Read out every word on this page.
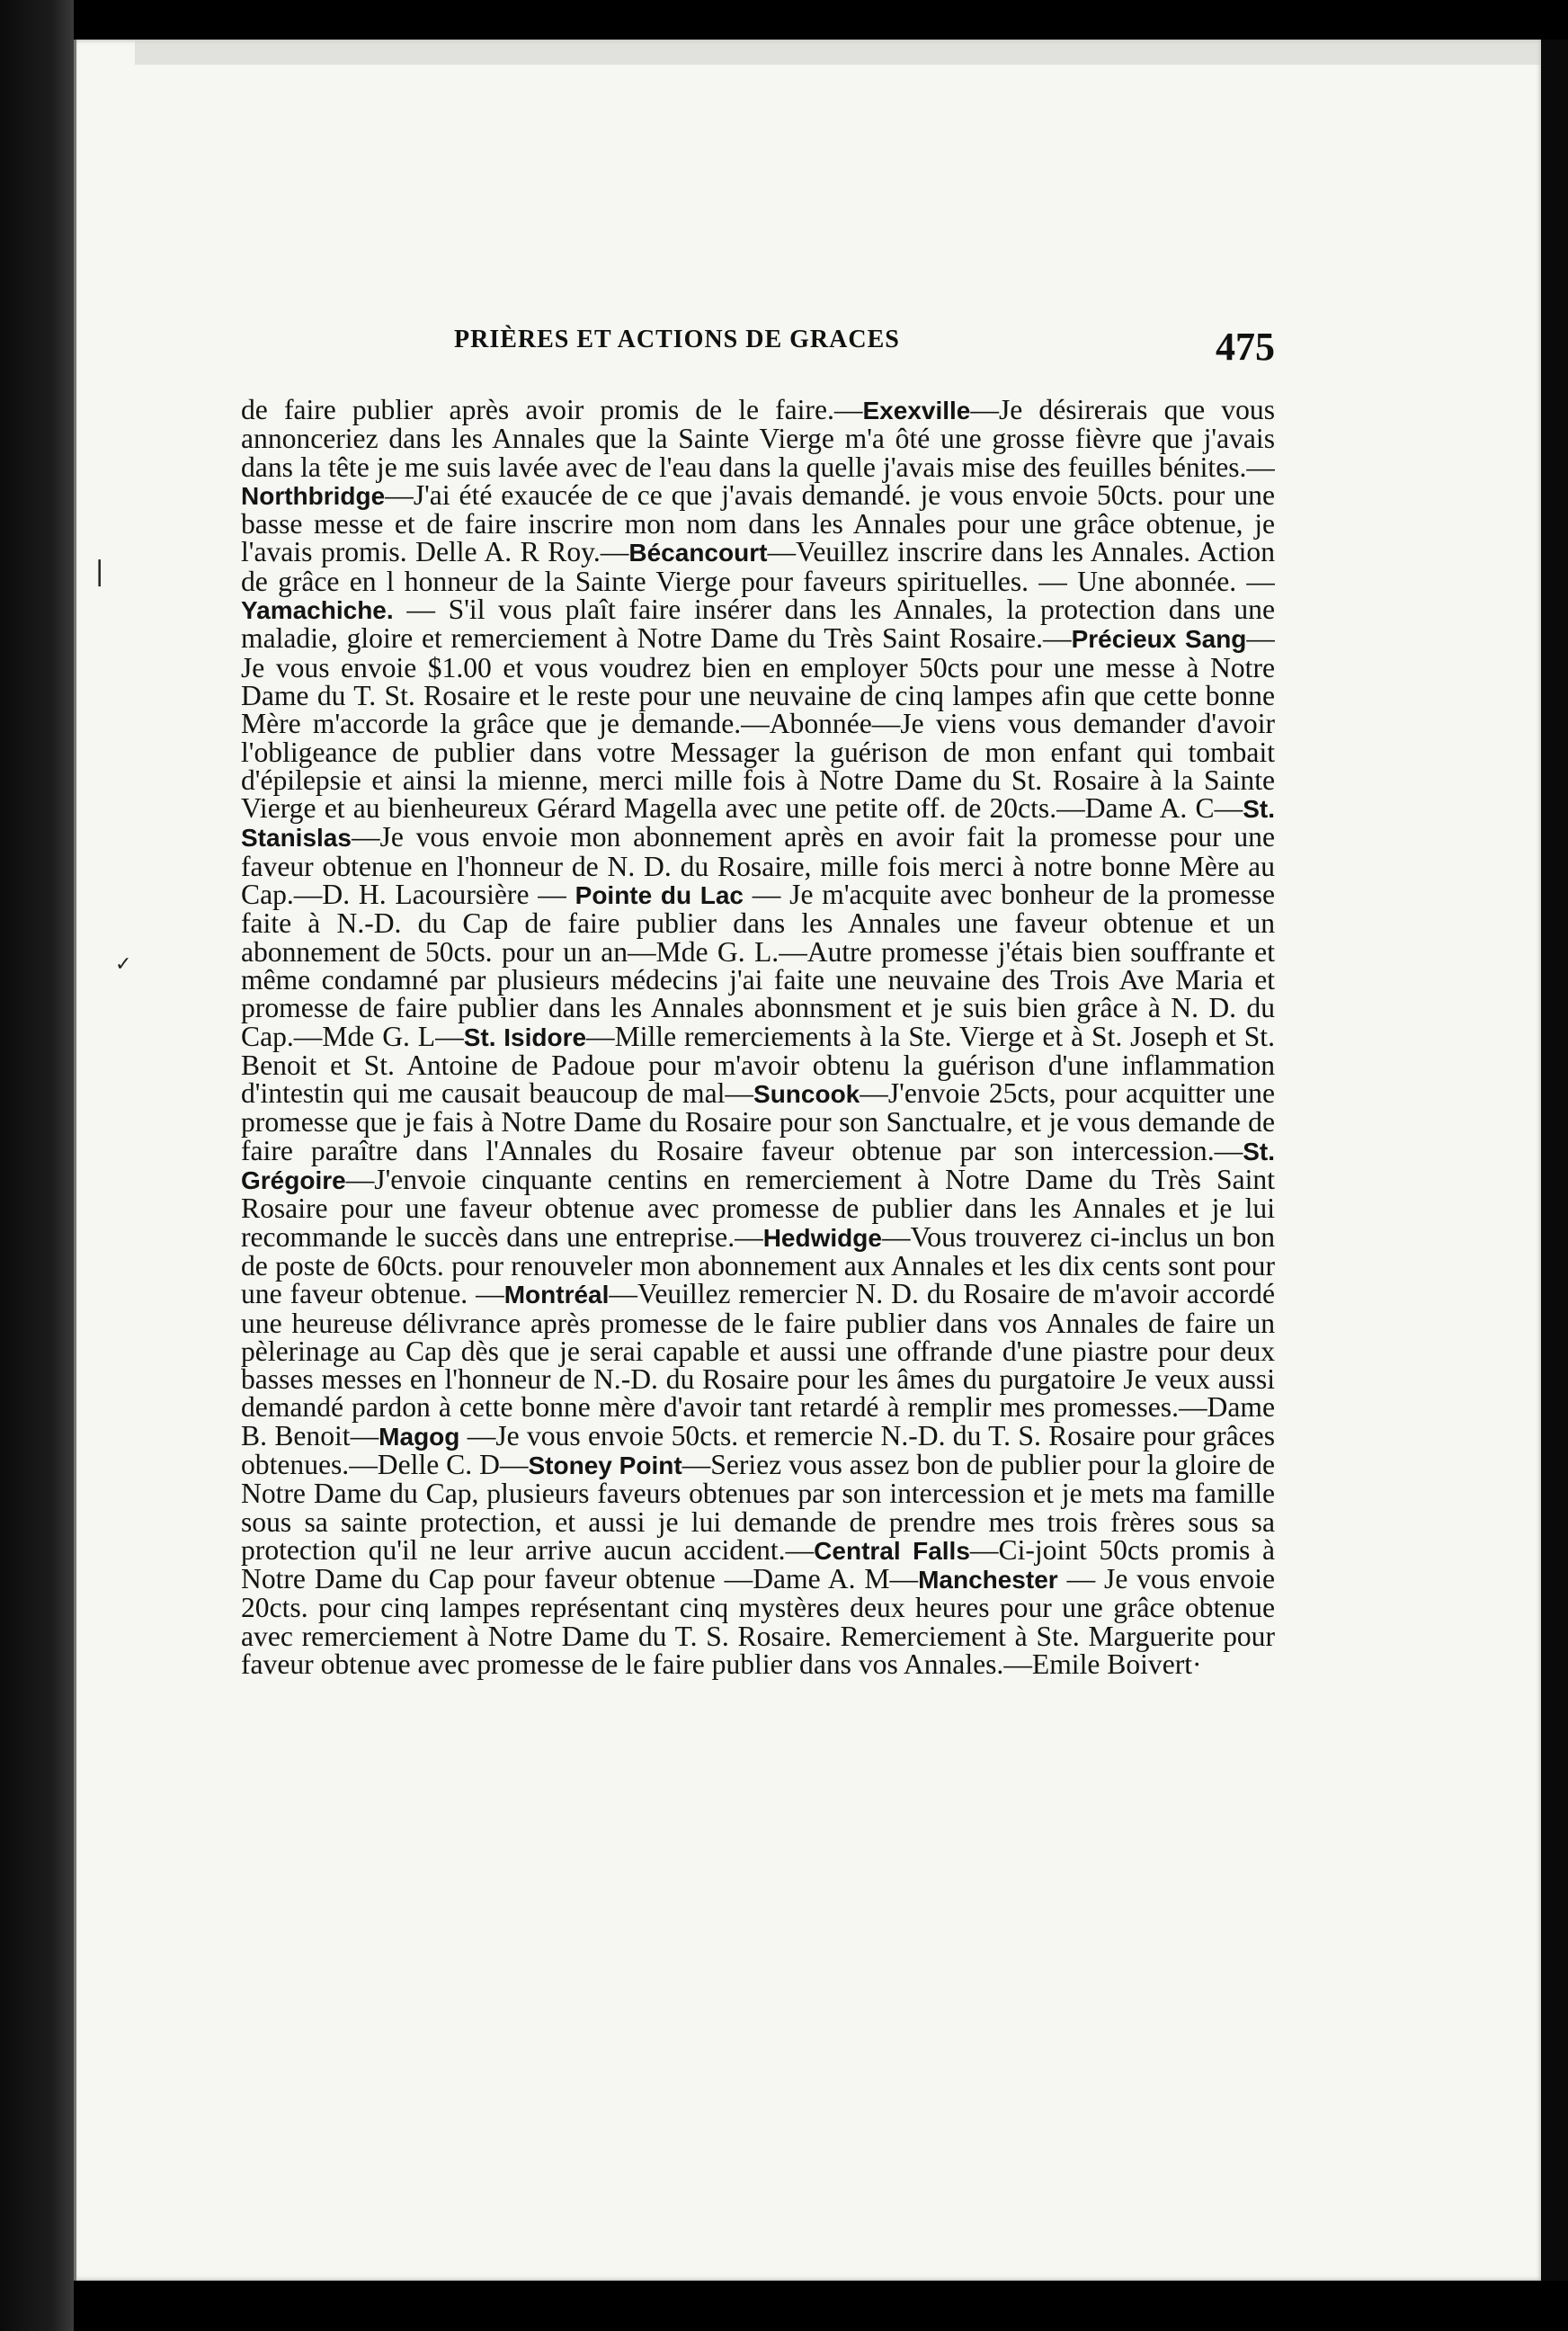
❘
✓
PRIÈRES ET ACTIONS DE GRACES	475

de faire publier après avoir promis de le faire.—Exexville—Je désirerais que vous annonceriez dans les Annales que la Sainte Vierge m'a ôté une grosse fièvre que j'avais dans la tête je me suis lavée avec de l'eau dans la quelle j'avais mise des feuilles bénites.—Northbridge—J'ai été exaucée de ce que j'avais demandé. je vous envoie 50cts. pour une basse messe et de faire inscrire mon nom dans les Annales pour une grâce obtenue, je l'avais promis. Delle A. R Roy.—Bécancourt—Veuillez inscrire dans les Annales. Action de grâce en l honneur de la Sainte Vierge pour faveurs spirituelles. — Une abonnée. — Yamachiche. — S'il vous plaît faire insérer dans les Annales, la protection dans une maladie, gloire et remerciement à Notre Dame du Très Saint Rosaire.—Précieux Sang—Je vous envoie $1.00 et vous voudrez bien en employer 50cts pour une messe à Notre Dame du T. St. Rosaire et le reste pour une neuvaine de cinq lampes afin que cette bonne Mère m'accorde la grâce que je demande.—Abonnée—Je viens vous demander d'avoir l'obligeance de publier dans votre Messager la guérison de mon enfant qui tombait d'épilepsie et ainsi la mienne, merci mille fois à Notre Dame du St. Rosaire à la Sainte Vierge et au bienheureux Gérard Magella avec une petite off. de 20cts.—Dame A. C—St. Stanislas—Je vous envoie mon abonnement après en avoir fait la promesse pour une faveur obtenue en l'honneur de N. D. du Rosaire, mille fois merci à notre bonne Mère au Cap.—D. H. Lacoursière — Pointe du Lac — Je m'acquite avec bonheur de la promesse faite à N.-D. du Cap de faire publier dans les Annales une faveur obtenue et un abonnement de 50cts. pour un an—Mde G. L.—Autre promesse j'étais bien souffrante et même condamné par plusieurs médecins j'ai faite une neuvaine des Trois Ave Maria et promesse de faire publier dans les Annales abonnsment et je suis bien grâce à N. D. du Cap.—Mde G. L—St. Isidore—Mille remerciements à la Ste. Vierge et à St. Joseph et St. Benoit et St. Antoine de Padoue pour m'avoir obtenu la guérison d'une inflammation d'intestin qui me causait beaucoup de mal—Suncook—J'envoie 25cts, pour acquitter une promesse que je fais à Notre Dame du Rosaire pour son Sanctualre, et je vous demande de faire paraître dans l'Annales du Rosaire faveur obtenue par son intercession.—St. Grégoire—J'envoie cinquante centins en remerciement à Notre Dame du Très Saint Rosaire pour une faveur obtenue avec promesse de publier dans les Annales et je lui recommande le succès dans une entreprise.—Hedwidge—Vous trouverez ci-inclus un bon de poste de 60cts. pour renouveler mon abonnement aux Annales et les dix cents sont pour une faveur obtenue. —Montréal—Veuillez remercier N. D. du Rosaire de m'avoir accordé une heureuse délivrance après promesse de le faire publier dans vos Annales de faire un pèlerinage au Cap dès que je serai capable et aussi une offrande d'une piastre pour deux basses messes en l'honneur de N.-D. du Rosaire pour les âmes du purgatoire Je veux aussi demandé pardon à cette bonne mère d'avoir tant retardé à remplir mes promesses.—Dame B. Benoit—Magog —Je vous envoie 50cts. et remercie N.-D. du T. S. Rosaire pour grâces obtenues.—Delle C. D—Stoney Point—Seriez vous assez bon de publier pour la gloire de Notre Dame du Cap, plusieurs faveurs obtenues par son intercession et je mets ma famille sous sa sainte protection, et aussi je lui demande de prendre mes trois frères sous sa protection qu'il ne leur arrive aucun accident.—Central Falls—Ci-joint 50cts promis à Notre Dame du Cap pour faveur obtenue —Dame A. M—Manchester — Je vous envoie 20cts. pour cinq lampes représentant cinq mystères deux heures pour une grâce obtenue avec remerciement à Notre Dame du T. S. Rosaire. Remerciement à Ste. Marguerite pour faveur obtenue avec promesse de le faire publier dans vos Annales.—Emile Boivert·
